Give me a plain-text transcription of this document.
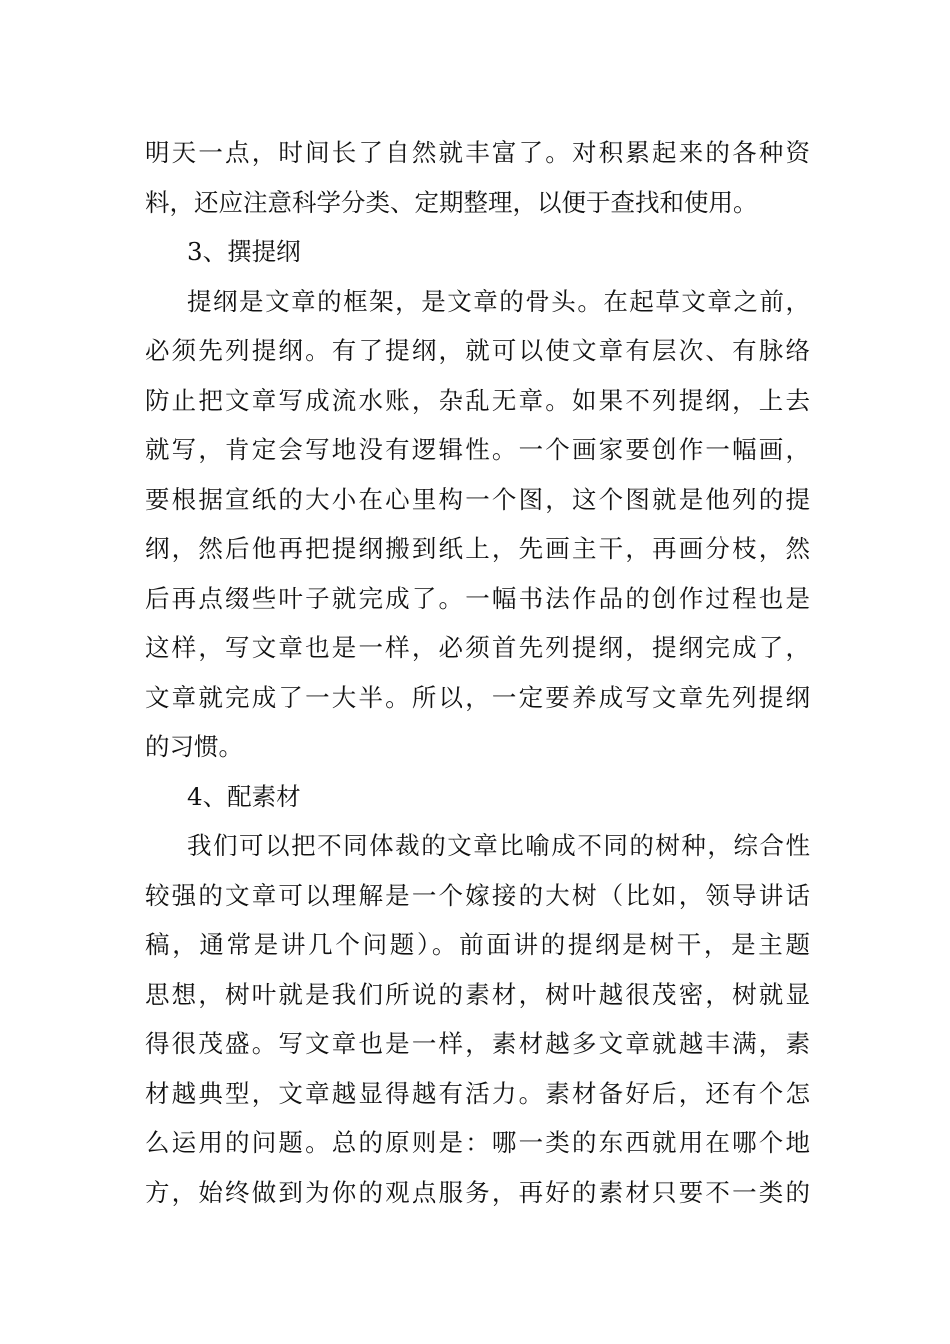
明天一点，时间长了自然就丰富了。对积累起来的各种资
料，还应注意科学分类、定期整理，以便于查找和使用。
3、撰提纲
提纲是文章的框架，是文章的骨头。在起草文章之前，
必须先列提纲。有了提纲，就可以使文章有层次、有脉络
防止把文章写成流水账，杂乱无章。如果不列提纲，上去
就写，肯定会写地没有逻辑性。一个画家要创作一幅画，
要根据宣纸的大小在心里构一个图，这个图就是他列的提
纲，然后他再把提纲搬到纸上，先画主干，再画分枝，然
后再点缀些叶子就完成了。一幅书法作品的创作过程也是
这样，写文章也是一样，必须首先列提纲，提纲完成了，
文章就完成了一大半。所以，一定要养成写文章先列提纲
的习惯。
4、配素材
我们可以把不同体裁的文章比喻成不同的树种，综合性
较强的文章可以理解是一个嫁接的大树（比如，领导讲话
稿，通常是讲几个问题）。前面讲的提纲是树干，是主题
思想，树叶就是我们所说的素材，树叶越很茂密，树就显
得很茂盛。写文章也是一样，素材越多文章就越丰满，素
材越典型，文章越显得越有活力。素材备好后，还有个怎
么运用的问题。总的原则是：哪一类的东西就用在哪个地
方，始终做到为你的观点服务，再好的素材只要不一类的
